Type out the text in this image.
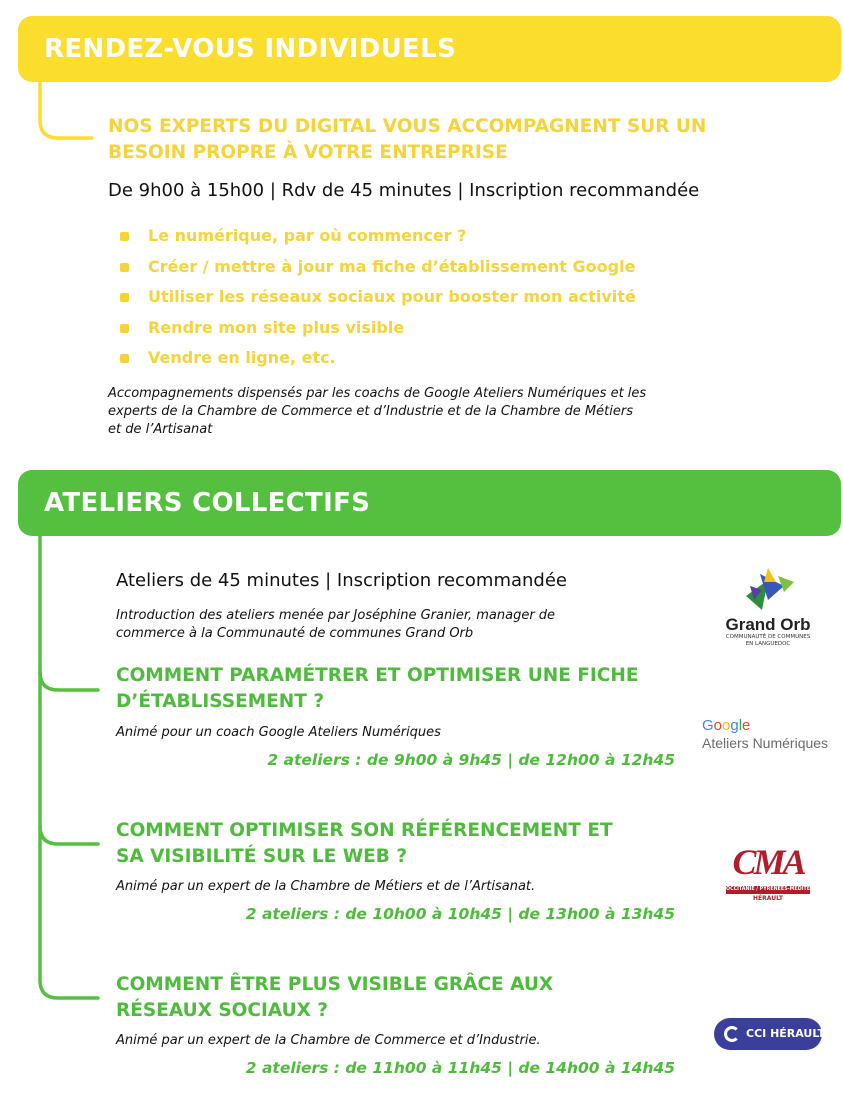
RENDEZ-VOUS INDIVIDUELS
NOS EXPERTS DU DIGITAL VOUS ACCOMPAGNENT SUR UN
BESOIN PROPRE À VOTRE ENTREPRISE
De 9h00 à 15h00 | Rdv de 45 minutes | Inscription recommandée
Le numérique, par où commencer ?
Créer / mettre à jour ma fiche d’établissement Google
Utiliser les réseaux sociaux pour booster mon activité
Rendre mon site plus visible
Vendre en ligne, etc.
Accompagnements dispensés par les coachs de Google Ateliers Numériques et les
experts de la Chambre de Commerce et d’Industrie et de la Chambre de Métiers
et de l’Artisanat
ATELIERS COLLECTIFS
Ateliers de 45 minutes | Inscription recommandée
Introduction des ateliers menée par Joséphine Granier, manager de
commerce à la Communauté de communes Grand Orb
COMMENT PARAMÉTRER ET OPTIMISER UNE FICHE
D’ÉTABLISSEMENT ?
Animé pour un coach Google Ateliers Numériques
2 ateliers : de 9h00 à 9h45 | de 12h00 à 12h45
COMMENT OPTIMISER SON RÉFÉRENCEMENT ET
SA VISIBILITÉ SUR LE WEB ?
Animé par un expert de la Chambre de Métiers et de l’Artisanat.
2 ateliers : de 10h00 à 10h45 | de 13h00 à 13h45
COMMENT ÊTRE PLUS VISIBLE GRÂCE AUX
RÉSEAUX SOCIAUX ?
Animé par un expert de la Chambre de Commerce et d’Industrie.
2 ateliers : de 11h00 à 11h45 | de 14h00 à 14h45
Grand Orb
COMMUNAUTÉ DE COMMUNES
EN LANGUEDOC
Google
Ateliers Numériques
CMA
OCCITANIE / PYRÉNÉES-MÉDITERRANÉE
HÉRAULT
CCI HÉRAULT
